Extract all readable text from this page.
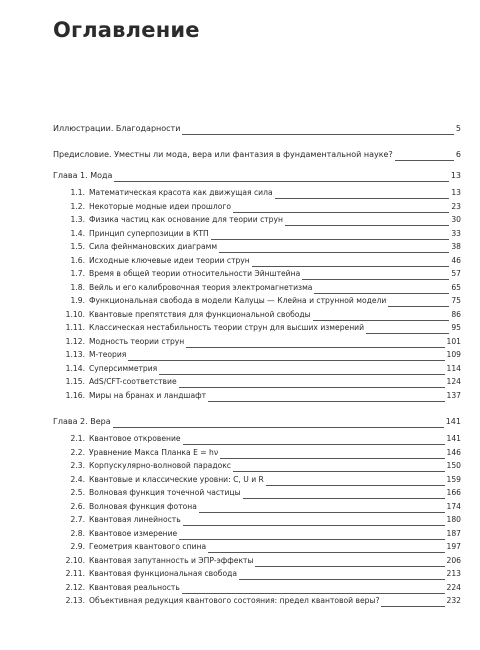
Оглавление
Иллюстрации. Благодарности	5
Предисловие. Уместны ли мода, вера или фантазия в фундаментальной науке?	6
Глава 1. Мода	13
1.1. Математическая красота как движущая сила	13
1.2. Некоторые модные идеи прошлого	23
1.3. Физика частиц как основание для теории струн	30
1.4. Принцип суперпозиции в КТП	33
1.5. Сила фейнмановских диаграмм	38
1.6. Исходные ключевые идеи теории струн	46
1.7. Время в общей теории относительности Эйнштейна	57
1.8. Вейль и его калибровочная теория электромагнетизма	65
1.9. Функциональная свобода в модели Калуцы — Клейна и струнной модели	75
1.10. Квантовые препятствия для функциональной свободы	86
1.11. Классическая нестабильность теории струн для высших измерений	95
1.12. Модность теории струн	101
1.13. М-теория	109
1.14. Суперсимметрия	114
1.15. AdS/CFT-соответствие	124
1.16. Миры на бранах и ландшафт	137
Глава 2. Вера	141
2.1. Квантовое откровение	141
2.2. Уравнение Макса Планка E = hν	146
2.3. Корпускулярно-волновой парадокс	150
2.4. Квантовые и классические уровни: C, U и R	159
2.5. Волновая функция точечной частицы	166
2.6. Волновая функция фотона	174
2.7. Квантовая линейность	180
2.8. Квантовое измерение	187
2.9. Геометрия квантового спина	197
2.10. Квантовая запутанность и ЭПР-эффекты	206
2.11. Квантовая функциональная свобода	213
2.12. Квантовая реальность	224
2.13. Объективная редукция квантового состояния: предел квантовой веры?	232
